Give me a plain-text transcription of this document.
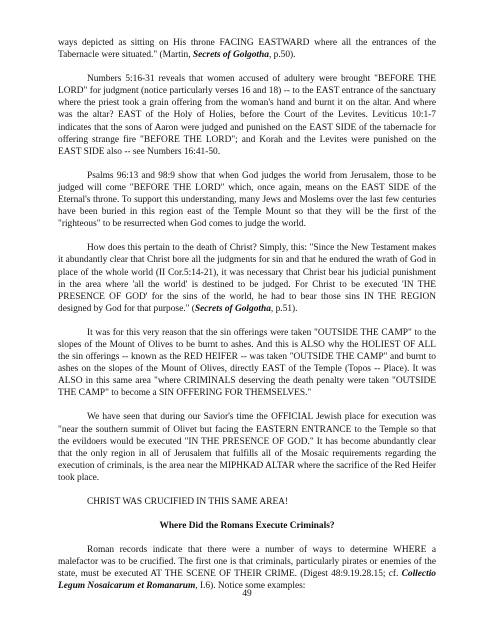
ways depicted as sitting on His throne FACING EASTWARD where all the entrances of the Tabernacle were situated." (Martin, Secrets of Golgotha, p.50).

Numbers 5:16-31 reveals that women accused of adultery were brought "BEFORE THE LORD" for judgment (notice particularly verses 16 and 18) -- to the EAST entrance of the sanctuary where the priest took a grain offering from the woman's hand and burnt it on the altar. And where was the altar? EAST of the Holy of Holies, before the Court of the Levites. Leviticus 10:1-7 indicates that the sons of Aaron were judged and punished on the EAST SIDE of the tabernacle for offering strange fire "BEFORE THE LORD"; and Korah and the Levites were punished on the EAST SIDE also -- see Numbers 16:41-50.

Psalms 96:13 and 98:9 show that when God judges the world from Jerusalem, those to be judged will come "BEFORE THE LORD" which, once again, means on the EAST SIDE of the Eternal's throne. To support this understanding, many Jews and Moslems over the last few centuries have been buried in this region east of the Temple Mount so that they will be the first of the "righteous" to be resurrected when God comes to judge the world.

How does this pertain to the death of Christ? Simply, this: "Since the New Testament makes it abundantly clear that Christ bore all the judgments for sin and that he endured the wrath of God in place of the whole world (II Cor.5:14-21), it was necessary that Christ bear his judicial punishment in the area where 'all the world' is destined to be judged. For Christ to be executed 'IN THE PRESENCE OF GOD' for the sins of the world, he had to bear those sins IN THE REGION designed by God for that purpose." (Secrets of Golgotha, p.51).

It was for this very reason that the sin offerings were taken "OUTSIDE THE CAMP" to the slopes of the Mount of Olives to be burnt to ashes. And this is ALSO why the HOLIEST OF ALL the sin offerings -- known as the RED HEIFER -- was taken "OUTSIDE THE CAMP" and burnt to ashes on the slopes of the Mount of Olives, directly EAST of the Temple (Topos -- Place). It was ALSO in this same area "where CRIMINALS deserving the death penalty were taken "OUTSIDE THE CAMP" to become a SIN OFFERING FOR THEMSELVES."

We have seen that during our Savior's time the OFFICIAL Jewish place for execution was "near the southern summit of Olivet but facing the EASTERN ENTRANCE to the Temple so that the evildoers would be executed "IN THE PRESENCE OF GOD." It has become abundantly clear that the only region in all of Jerusalem that fulfills all of the Mosaic requirements regarding the execution of criminals, is the area near the MIPHKAD ALTAR where the sacrifice of the Red Heifer took place.

CHRIST WAS CRUCIFIED IN THIS SAME AREA!

Where Did the Romans Execute Criminals?

Roman records indicate that there were a number of ways to determine WHERE a malefactor was to be crucified. The first one is that criminals, particularly pirates or enemies of the state, must be executed AT THE SCENE OF THEIR CRIME. (Digest 48:9.19.28.15; cf. Collectio Legum Nosaicarum et Romanarum, I.6). Notice some examples:

49
